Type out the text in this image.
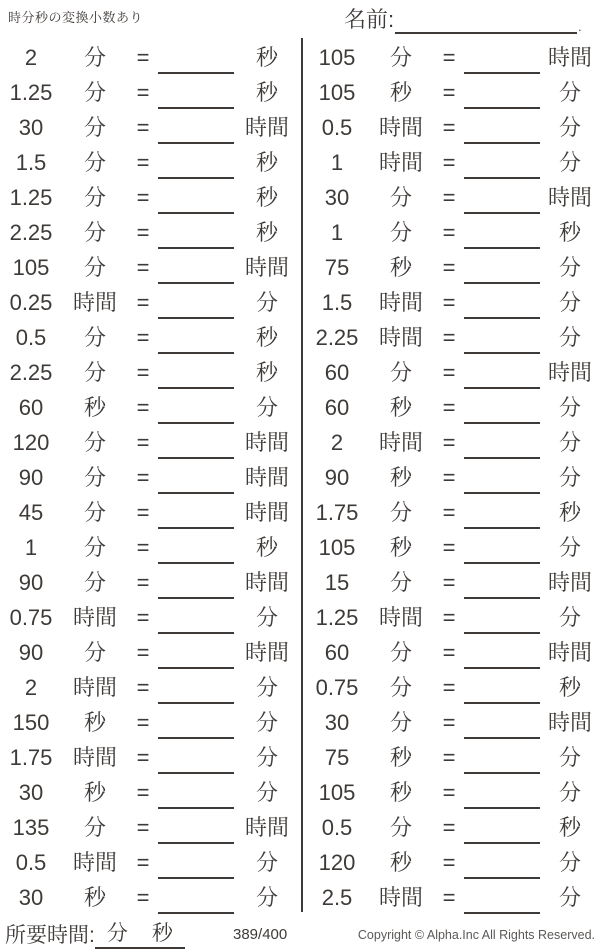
時分秒の変換小数あり	名前:	.
2	分	=	秒
1.25	分	=	秒
30	分	=	時間
1.5	分	=	秒
1.25	分	=	秒
2.25	分	=	秒
105	分	=	時間
0.25 時間 =	分
0.5	分	=	秒
2.25	分	=	秒
60	秒	=	分
120	分	=	時間
90	分	=	時間
45	分	=	時間
1	分	=	秒
90	分	=	時間
0.75 時間 =	分
90	分	=	時間
2	時間 =	分
150	秒	=	分
1.75 時間 =	分
30	秒	=	分
135	分	=	時間
0.5	時間 =	分
30	秒	=	分
105	分	=	時間
105	秒	=	分
0.5	時間 =	分
1	時間 =	分
30	分	=	時間
1	分	=	秒
75	秒	=	分
1.5	時間 =	分
2.25 時間 =	分
60	分	=	時間
60	秒	=	分
2	時間 =	分
90	秒	=	分
1.75	分	=	秒
105	秒	=	分
15	分	=	時間
1.25 時間 =	分
60	分	=	時間
0.75	分	=	秒
30	分	=	時間
75	秒	=	分
105	秒	=	分
0.5	分	=	秒
120	秒	=	分
2.5	時間 =	分
所要時間: 分 秒	389/400	Copyright © Alpha.Inc All Rights Reserved.
